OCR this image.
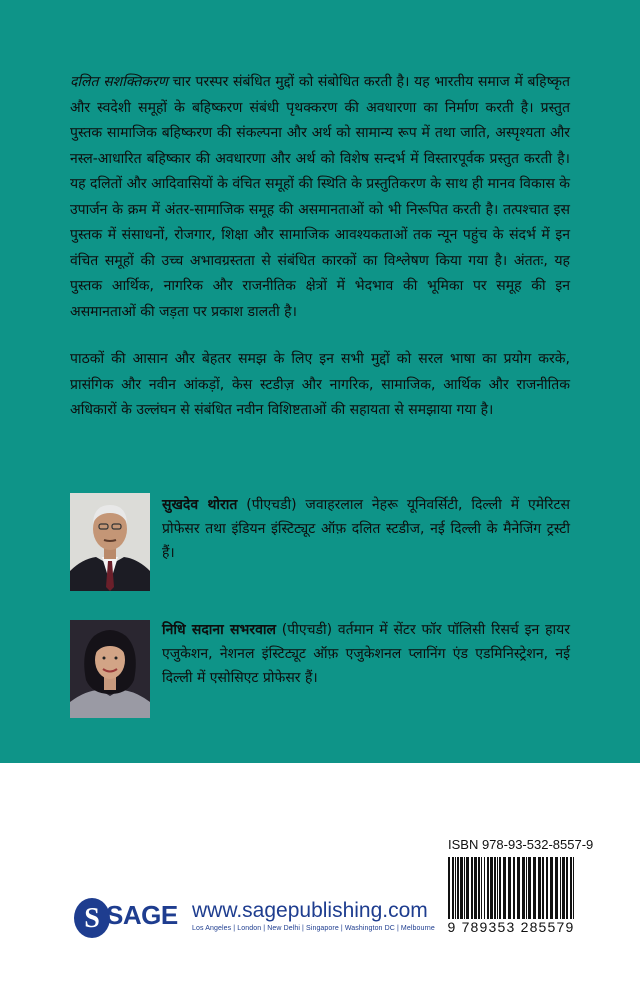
दलित सशक्तिकरण चार परस्पर संबंधित मुद्दों को संबोधित करती है। यह भारतीय समाज में बहिष्कृत और स्वदेशी समूहों के बहिष्करण संबंधी पृथक्करण की अवधारणा का निर्माण करती है। प्रस्तुत पुस्तक सामाजिक बहिष्करण की संकल्पना और अर्थ को सामान्य रूप में तथा जाति, अस्पृश्यता और नस्ल-आधारित बहिष्कार की अवधारणा और अर्थ को विशेष सन्दर्भ में विस्तारपूर्वक प्रस्तुत करती है। यह दलितों और आदिवासियों के वंचित समूहों की स्थिति के प्रस्तुतिकरण के साथ ही मानव विकास के उपार्जन के क्रम में अंतर-सामाजिक समूह की असमानताओं को भी निरूपित करती है। तत्पश्चात इस पुस्तक में संसाधनों, रोजगार, शिक्षा और सामाजिक आवश्यकताओं तक न्यून पहुंच के संदर्भ में इन वंचित समूहों की उच्च अभावग्रस्तता से संबंधित कारकों का विश्लेषण किया गया है। अंततः, यह पुस्तक आर्थिक, नागरिक और राजनीतिक क्षेत्रों में भेदभाव की भूमिका पर समूह की इन असमानताओं की जड़ता पर प्रकाश डालती है।

पाठकों की आसान और बेहतर समझ के लिए इन सभी मुद्दों को सरल भाषा का प्रयोग करके, प्रासंगिक और नवीन आंकड़ों, केस स्टडीज़ और नागरिक, सामाजिक, आर्थिक और राजनीतिक अधिकारों के उल्लंघन से संबंधित नवीन विशिष्टताओं की सहायता से समझाया गया है।

सुखदेव थोरात (पीएचडी) जवाहरलाल नेहरू यूनिवर्सिटी, दिल्ली में एमेरिटस प्रोफेसर तथा इंडियन इंस्टिट्यूट ऑफ़ दलित स्टडीज, नई दिल्ली के मैनेजिंग ट्रस्टी हैं।

निधि सदाना सभरवाल (पीएचडी) वर्तमान में सेंटर फॉर पॉलिसी रिसर्च इन हायर एजुकेशन, नेशनल इंस्टिट्यूट ऑफ़ एजुकेशनल प्लानिंग एंड एडमिनिस्ट्रेशन, नई दिल्ली में एसोसिएट प्रोफेसर हैं।

ISBN 978-93-532-8557-9
9 789353 285579
S SAGE www.sagepublishing.com
Los Angeles | London | New Delhi | Singapore | Washington DC | Melbourne
